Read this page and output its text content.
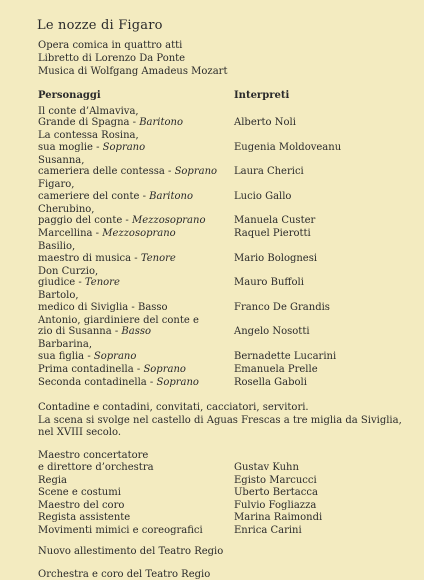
Le nozze di Figaro
Opera comica in quattro atti
Libretto di Lorenzo Da Ponte
Musica di Wolfgang Amadeus Mozart
Personaggi	Interpreti
Il conte d’Almaviva,
Grande di Spagna - Baritono	Alberto Noli
La contessa Rosina,
sua moglie - Soprano	Eugenia Moldoveanu
Susanna,
cameriera delle contessa - Soprano	Laura Cherici
Figaro,
cameriere del conte - Baritono	Lucio Gallo
Cherubino,
paggio del conte - Mezzosoprano	Manuela Custer
Marcellina - Mezzosoprano	Raquel Pierotti
Basilio,
maestro di musica - Tenore	Mario Bolognesi
Don Curzio,
giudice - Tenore	Mauro Buffoli
Bartolo,
medico di Siviglia - Basso	Franco De Grandis
Antonio, giardiniere del conte e
zio di Susanna - Basso	Angelo Nosotti
Barbarina,
sua figlia - Soprano	Bernadette Lucarini
Prima contadinella - Soprano	Emanuela Prelle
Seconda contadinella - Soprano	Rosella Gaboli
Contadine e contadini, convitati, cacciatori, servitori.
La scena si svolge nel castello di Aguas Frescas a tre miglia da Siviglia,
nel XVIII secolo.
Maestro concertatore
e direttore d’orchestra	Gustav Kuhn
Regia	Egisto Marcucci
Scene e costumi	Uberto Bertacca
Maestro del coro	Fulvio Fogliazza
Regista assistente	Marina Raimondi
Movimenti mimici e coreografici	Enrica Carini
Nuovo allestimento del Teatro Regio
Orchestra e coro del Teatro Regio
